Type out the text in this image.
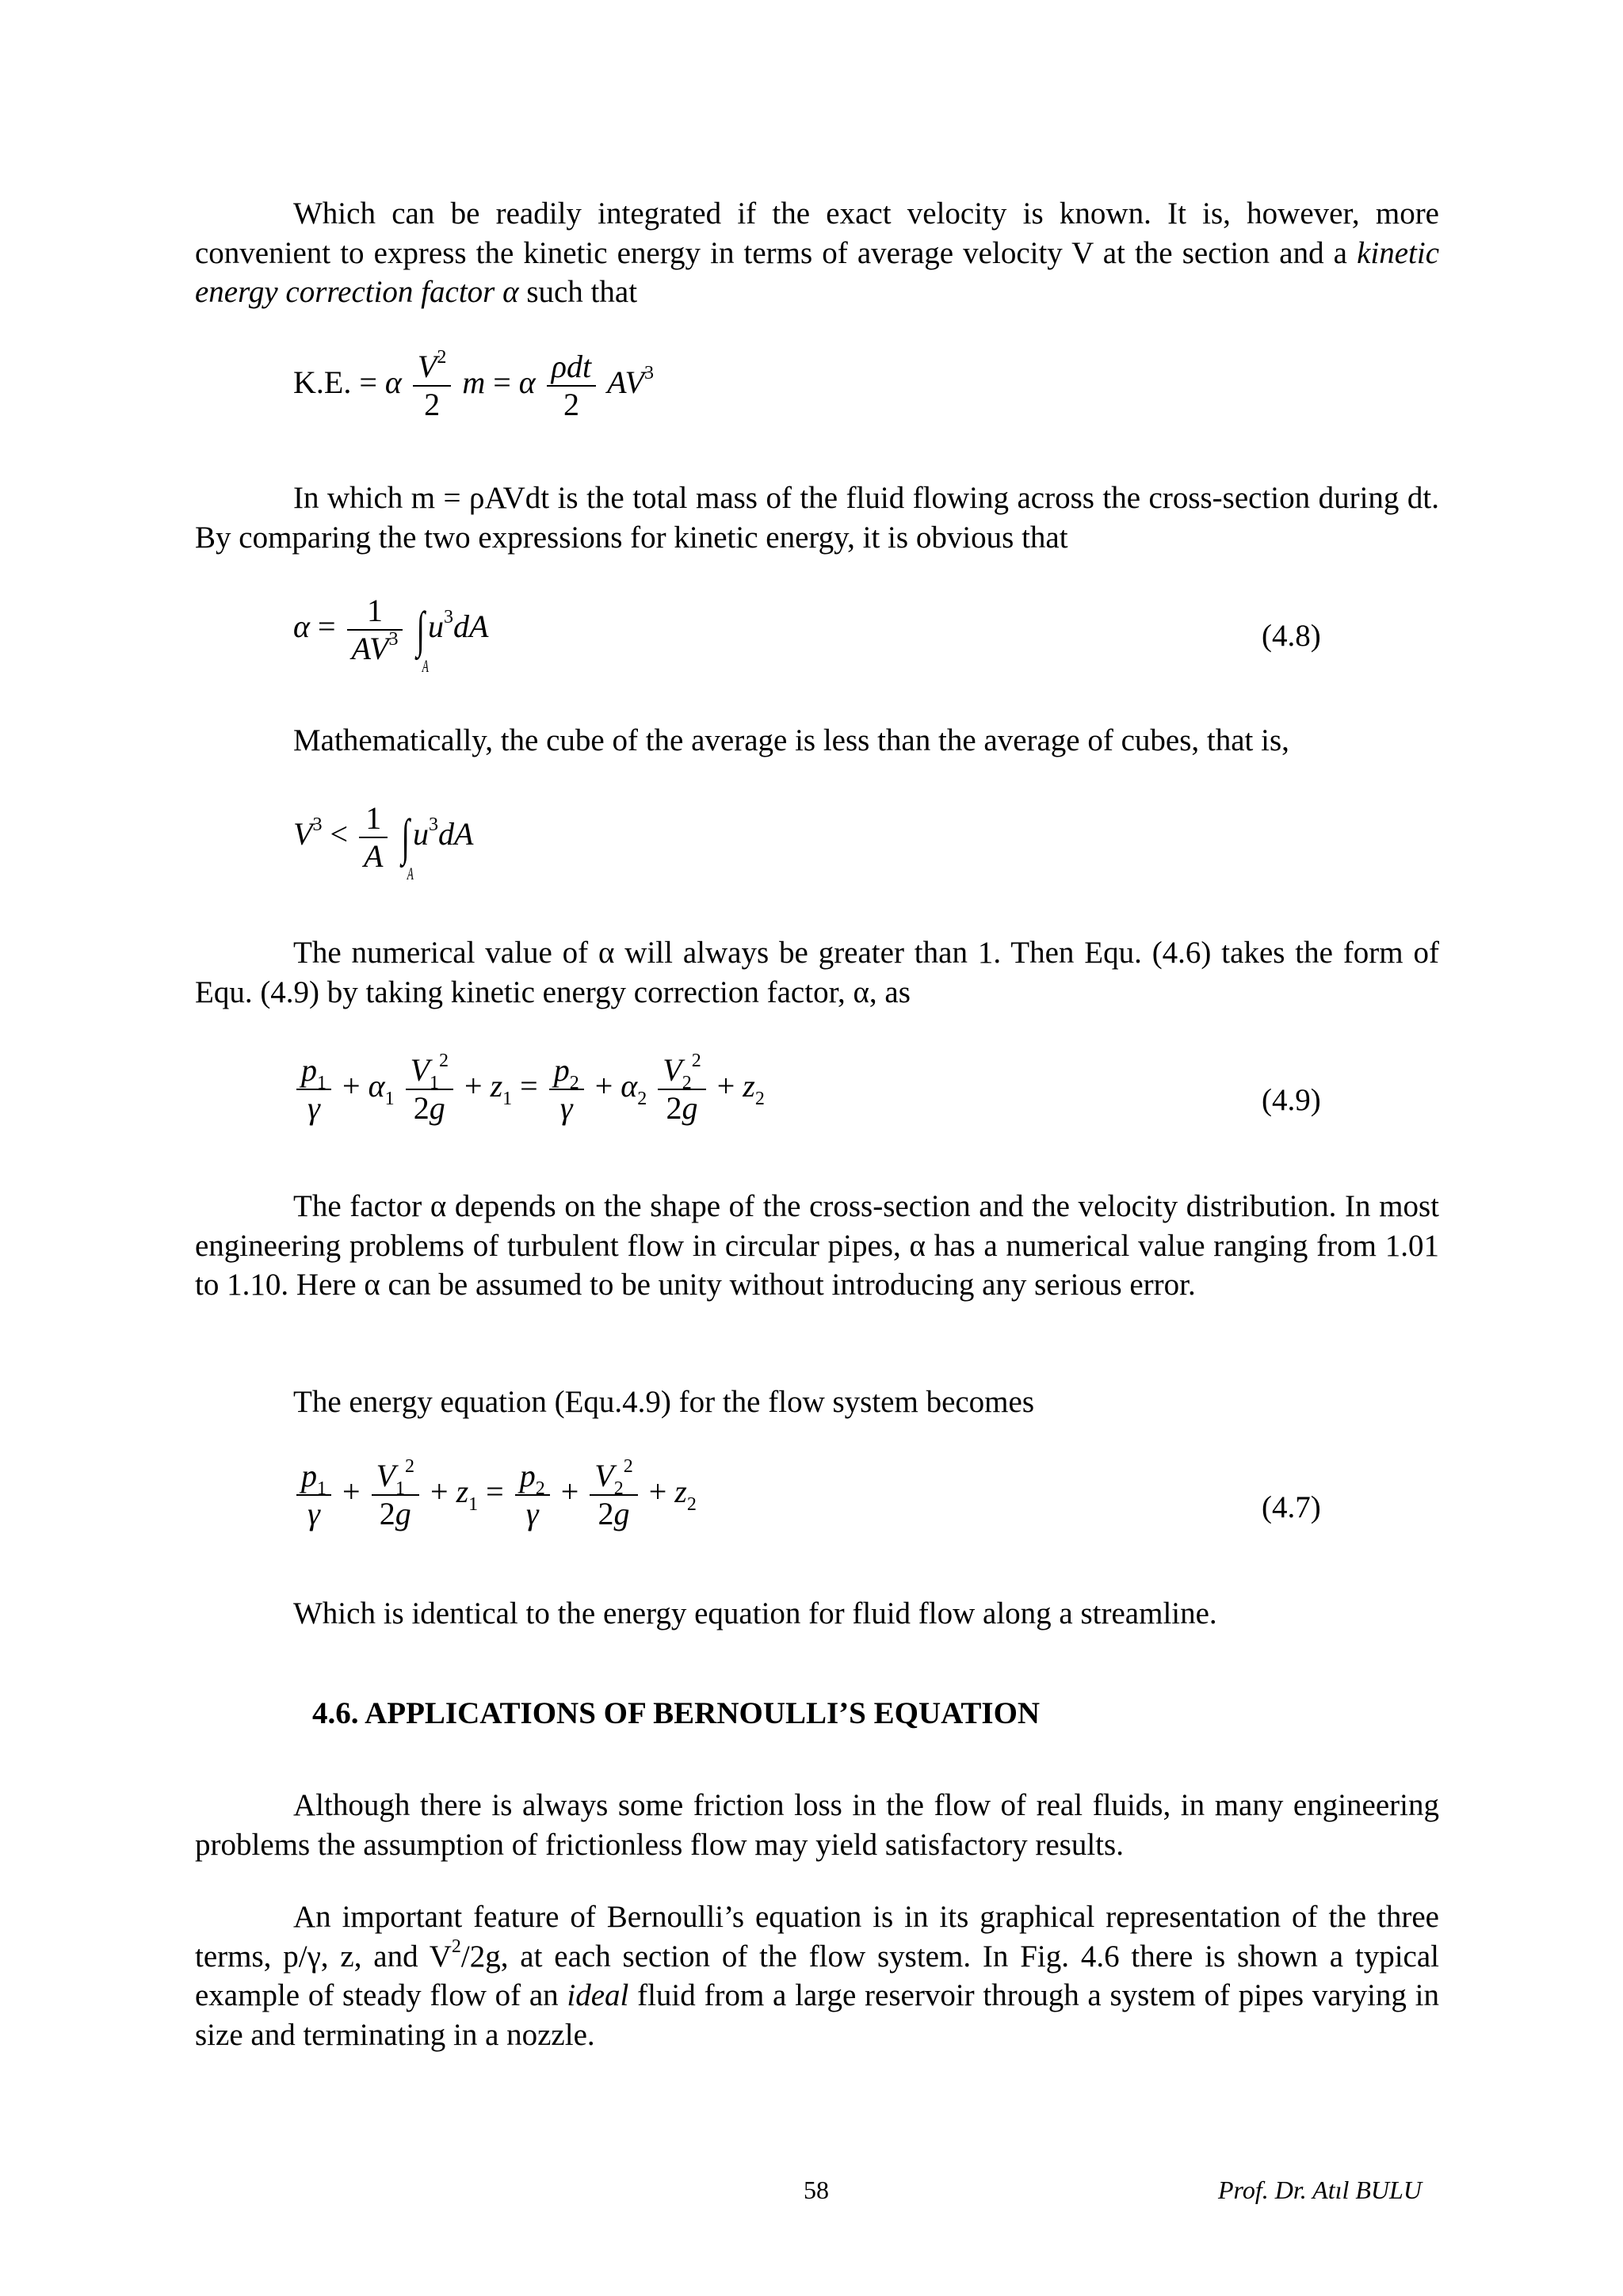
Which can be readily integrated if the exact velocity is known. It is, however, more convenient to express the kinetic energy in terms of average velocity V at the section and a kinetic energy correction factor α such that

K.E. = α $\frac{V^2}{2}$ m = α $\frac{\text{ρdt}}{2} AV^3$

In which m = ρAVdt is the total mass of the fluid flowing across the cross-section during dt. By comparing the two expressions for kinetic energy, it is obvious that

$\alpha = \frac{1}{AV^3}$ ∫
A
$u^3dA$	(4.8)
Mathematically, the cube of the average is less than the average of cubes, that is,
$V^3 < \frac{1}{A}$ ∫
A
$u^3dA$

The numerical value of α will always be greater than 1. Then Equ. (4.6) takes the form of Equ. (4.9) by taking kinetic energy correction factor, α, as

$\frac{p_1}{\gamma} + \alpha_1 \frac{V_1^2}{2g} + z_1 = \frac{p_2}{\gamma} + \alpha_2 \frac{V_2^2}{2g} + z_2$	(4.9)

The factor α depends on the shape of the cross-section and the velocity distribution. In most engineering problems of turbulent flow in circular pipes, α has a numerical value ranging from 1.01 to 1.10. Here α can be assumed to be unity without introducing any serious error.

The energy equation (Equ.4.9) for the flow system becomes
$\frac{p_1}{\gamma} + \frac{V_1^2}{2g} + z_1 = \frac{p_2}{\gamma} + \frac{V_2^2}{2g} + z_2$	(4.7)
Which is identical to the energy equation for fluid flow along a streamline.
4.6. APPLICATIONS OF BERNOULLI’S EQUATION

Although there is always some friction loss in the flow of real fluids, in many engineering problems the assumption of frictionless flow may yield satisfactory results.

An important feature of Bernoulli’s equation is in its graphical representation of the three terms, p/γ, z, and $V^2/2g$, at each section of the flow system. In Fig. 4.6 there is shown a typical example of steady flow of an ideal fluid from a large reservoir through a system of pipes varying in size and terminating in a nozzle.

58	Prof. Dr. Atıl BULU
